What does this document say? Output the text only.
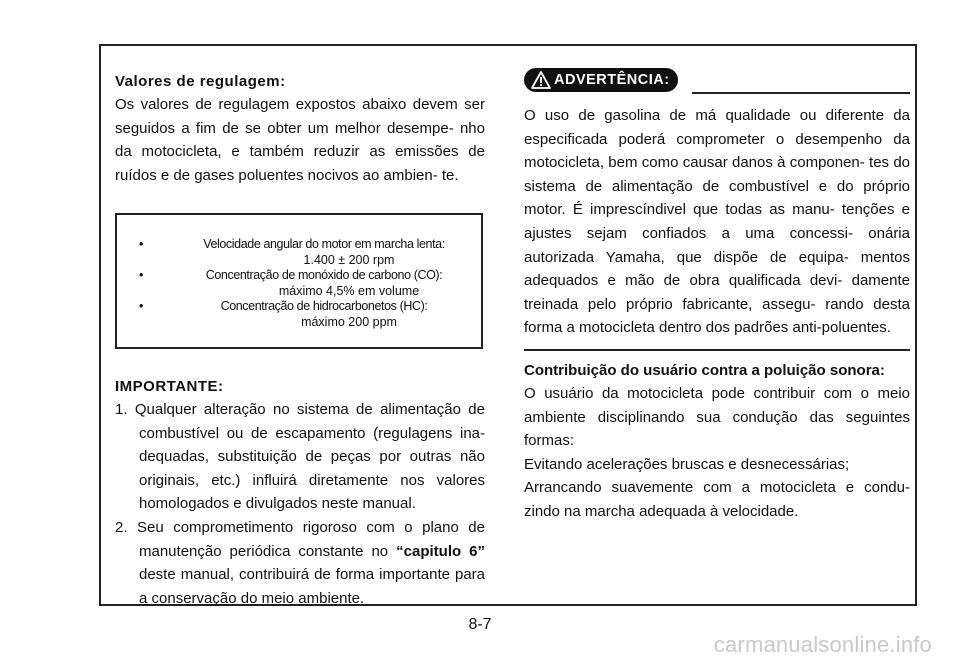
Valores de regulagem:
Os valores de regulagem expostos abaixo devem ser seguidos a fim de se obter um melhor desempe- nho da motocicleta, e também reduzir as emissões de ruídos e de gases poluentes nocivos ao ambien- te.
•	Velocidade angular do motor em marcha lenta:
1.400 ± 200 rpm
•	Concentração de monóxido de carbono (CO):
máximo 4,5% em volume
•	Concentração de hidrocarbonetos (HC):
máximo 200 ppm
IMPORTANTE:
1. Qualquer alteração no sistema de alimentação de combustível ou de escapamento (regulagens ina- dequadas, substituição de peças por outras não originais, etc.) influirá diretamente nos valores homologados e divulgados neste manual.
2. Seu comprometimento rigoroso com o plano de manutenção periódica constante no “capitulo 6” deste manual, contribuirá de forma importante para a conservação do meio ambiente.
ADVERTÊNCIA:
O uso de gasolina de má qualidade ou diferente da especificada poderá comprometer o desempenho da motocicleta, bem como causar danos à componen- tes do sistema de alimentação de combustível e do próprio motor. É imprescíndivel que todas as manu- tenções e ajustes sejam confiados a uma concessi- onária autorizada Yamaha, que dispõe de equipa- mentos adequados e mão de obra qualificada devi- damente treinada pelo próprio fabricante, assegu- rando desta forma a motocicleta dentro dos padrões anti-poluentes.
Contribuição do usuário contra a poluição sonora:
O usuário da motocicleta pode contribuir com o meio ambiente disciplinando sua condução das seguintes formas:
Evitando acelerações bruscas e desnecessárias;
Arrancando suavemente com a motocicleta e condu- zindo na marcha adequada à velocidade.
8-7
carmanualsonline.info
